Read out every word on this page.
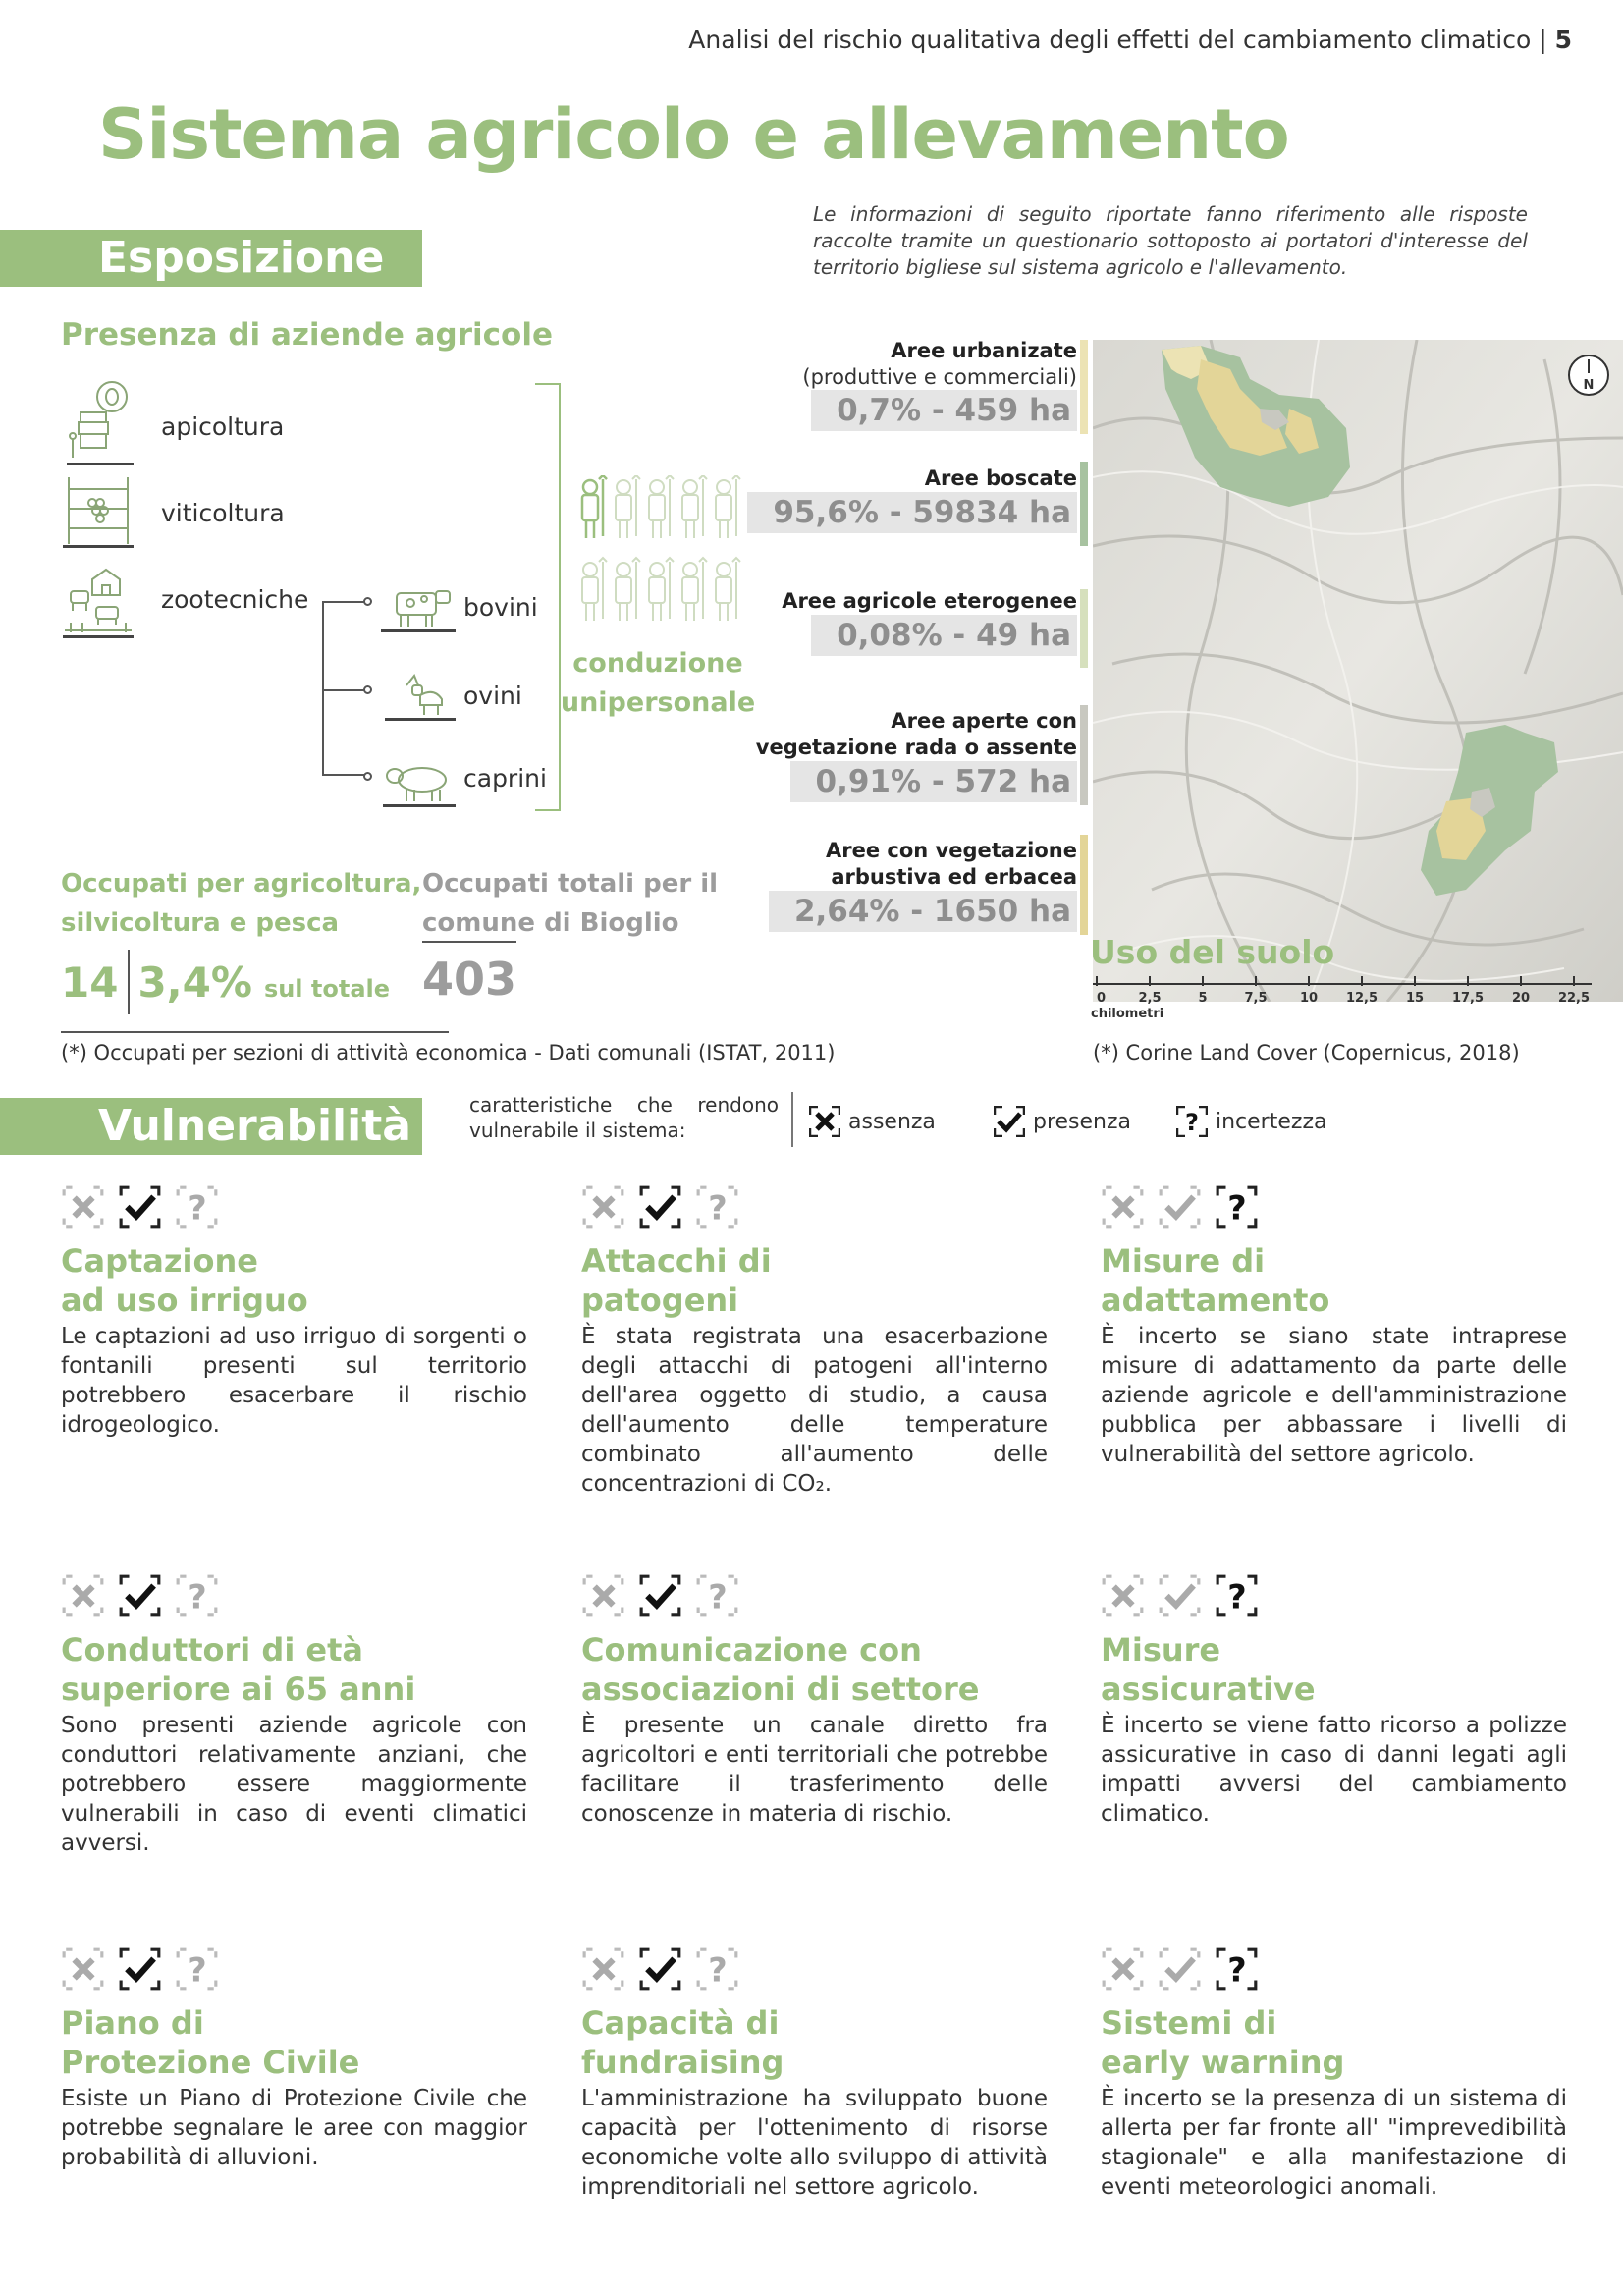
Analisi del rischio qualitativa degli effetti del cambiamento climatico | 5
Sistema agricolo e allevamento
Esposizione
Le informazioni di seguito riportate fanno riferimento alle risposte raccolte tramite un questionario sottoposto ai portatori d'interesse del territorio bigliese sul sistema agricolo e l'allevamento.
Presenza di aziende agricole
apicoltura
viticoltura
zootecniche	bovini
ovini
caprini
conduzione
unipersonale
Occupati per agricoltura,
silvicoltura e pesca
14 3,4% sul totale
Occupati totali per il
comune di Bioglio
403
(*) Occupati per sezioni di attività economica - Dati comunali (ISTAT, 2011)
Aree urbanizate
(produttive e commerciali)
0,7% - 459 ha
Aree boscate
95,6% - 59834 ha
Aree agricole eterogenee
0,08% - 49 ha
Aree aperte con
vegetazione rada o assente
0,91% - 572 ha
Aree con vegetazione
arbustiva ed erbacea
2,64% - 1650 ha
N
Uso del suolo
0	2,5	5	7,5	10 12,5 15 17,5 20 22,5
chilometri
(*) Corine Land Cover (Copernicus, 2018)
Vulnerabilità	caratteristiche che rendono vulnerabile il sistema:	assenza	presenza ? incertezza
?
Captazione
ad uso irriguo
Le captazioni ad uso irriguo di sorgenti o fontanili presenti sul territorio potrebbero esacerbare il rischio idrogeologico.
?
Attacchi di
patogeni
È stata registrata una esacerbazione degli attacchi di patogeni all'interno dell'area oggetto di studio, a causa dell'aumento delle temperature combinato all'aumento delle concentrazioni di CO₂.
?
Misure di
adattamento
È incerto se siano state intraprese misure di adattamento da parte delle aziende agricole e dell'amministrazione pubblica per abbassare i livelli di vulnerabilità del settore agricolo.
?
Conduttori di età
superiore ai 65 anni
Sono presenti aziende agricole con conduttori relativamente anziani, che potrebbero essere maggiormente vulnerabili in caso di eventi climatici avversi.
?
Comunicazione con
associazioni di settore
È presente un canale diretto fra agricoltori e enti territoriali che potrebbe facilitare il trasferimento delle conoscenze in materia di rischio.
?
Misure
assicurative
È incerto se viene fatto ricorso a polizze assicurative in caso di danni legati agli impatti avversi del cambiamento climatico.
?
Piano di
Protezione Civile
Esiste un Piano di Protezione Civile che potrebbe segnalare le aree con maggior probabilità di alluvioni.
?
Capacità di
fundraising
L'amministrazione ha sviluppato buone capacità per l'ottenimento di risorse economiche volte allo sviluppo di attività imprenditoriali nel settore agricolo.
?
Sistemi di
early warning
È incerto se la presenza di un sistema di allerta per far fronte all' "imprevedibilità stagionale" e alla manifestazione di eventi meteorologici anomali.
